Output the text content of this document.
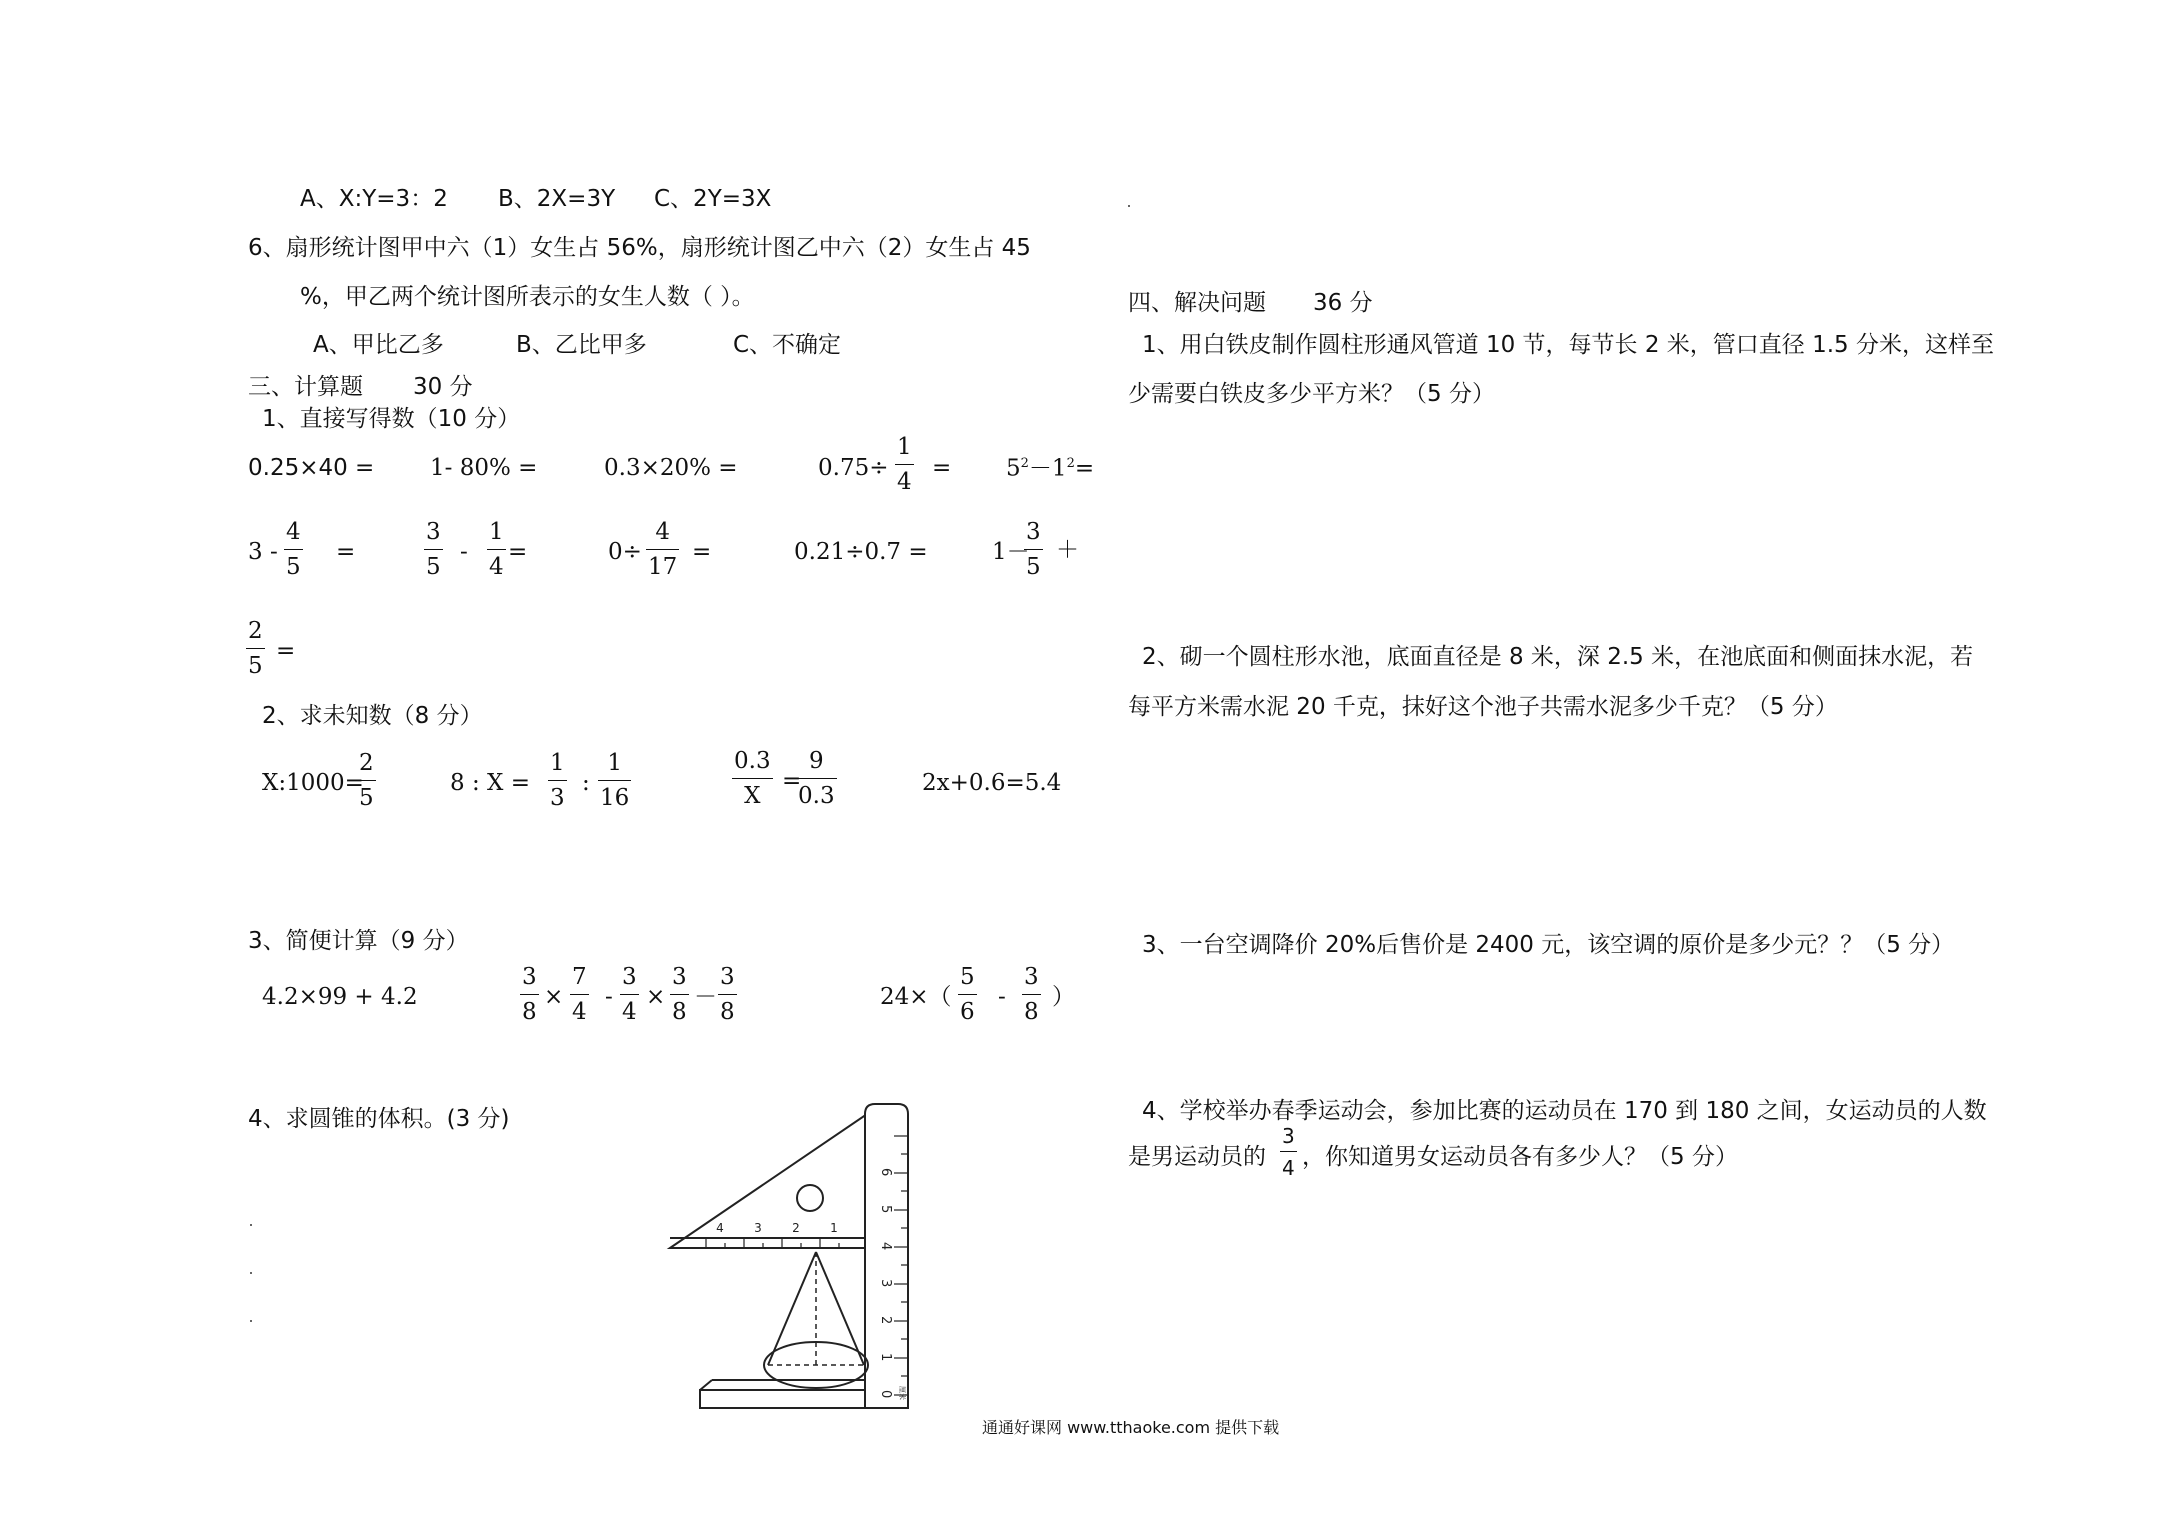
A、X:Y=3：2 B、2X=3Y C、2Y=3X
6、扇形统计图甲中六（1）女生占 56%，扇形统计图乙中六（2）女生占 45
%，甲乙两个统计图所表示的女生人数（ ）。
A、甲比乙多	B、乙比甲多	C、不确定
三、计算题 30 分
1、直接写得数（10 分）
0.25×40 = 1- 80% =	0.3×20% =	0.75÷
1
4
= $5^2-1^2=$
3 -
4
5
=
3
5
-
1
4
=	0÷
4
17
=	0.21÷0.7 =	1－
3
5
＋
2
5
=
2、求未知数（8 分）
X:1000=
2
5
8 : X =
1
3
:
1
16
0.3
X
=
9
0.3	2x+0.6=5.4
3、简便计算（9 分）
4.2×99 + 4.2
3
8
×
7
4
-
3
4
×
3
8
－
3
8
24×（
5
6
-
3
8
）
4、求圆锥的体积。(3 分)
4	3	2	1
6
5
4
3
2
1
0 厘米
四、解决问题 36 分
1、用白铁皮制作圆柱形通风管道 10 节，每节长 2 米，管口直径 1.5 分米，这样至
少需要白铁皮多少平方米？（5 分）
2、砌一个圆柱形水池，底面直径是 8 米，深 2.5 米，在池底面和侧面抹水泥，若
每平方米需水泥 20 千克，抹好这个池子共需水泥多少千克？（5 分）
3、一台空调降价 20%后售价是 2400 元，该空调的原价是多少元？？（5 分）
4、学校举办春季运动会，参加比赛的运动员在 170 到 180 之间，女运动员的人数
是男运动员的
3
4 ，你知道男女运动员各有多少人？（5 分）
通通好课网 www.tthaoke.com 提供下载
